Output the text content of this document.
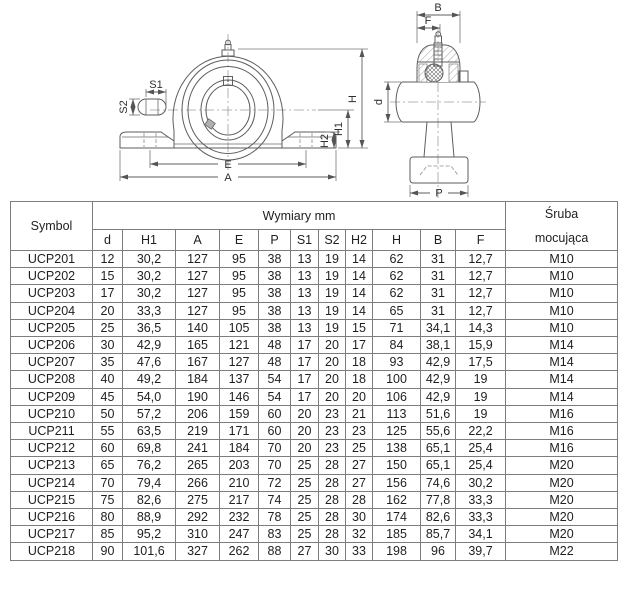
S1
S2
E
A
H
H1
H2
B
F
d
P
Symbol	Wymiary mm											Śruba
mocująca

	d	H1	A	E	P	S1	S2	H2	H	B	F	
UCP201	12	30,2	127	95	38	13	19	14	62	31	12,7	M10
UCP202	15	30,2	127	95	38	13	19	14	62	31	12,7	M10
UCP203	17	30,2	127	95	38	13	19	14	62	31	12,7	M10
UCP204	20	33,3	127	95	38	13	19	14	65	31	12,7	M10
UCP205	25	36,5	140	105	38	13	19	15	71	34,1	14,3	M10
UCP206	30	42,9	165	121	48	17	20	17	84	38,1	15,9	M14
UCP207	35	47,6	167	127	48	17	20	18	93	42,9	17,5	M14
UCP208	40	49,2	184	137	54	17	20	18	100	42,9	19	M14
UCP209	45	54,0	190	146	54	17	20	20	106	42,9	19	M14
UCP210	50	57,2	206	159	60	20	23	21	113	51,6	19	M16
UCP211	55	63,5	219	171	60	20	23	23	125	55,6	22,2	M16
UCP212	60	69,8	241	184	70	20	23	25	138	65,1	25,4	M16
UCP213	65	76,2	265	203	70	25	28	27	150	65,1	25,4	M20
UCP214	70	79,4	266	210	72	25	28	27	156	74,6	30,2	M20
UCP215	75	82,6	275	217	74	25	28	28	162	77,8	33,3	M20
UCP216	80	88,9	292	232	78	25	28	30	174	82,6	33,3	M20
UCP217	85	95,2	310	247	83	25	28	32	185	85,7	34,1	M20
UCP218	90	101,6	327	262	88	27	30	33	198	96	39,7	M22
